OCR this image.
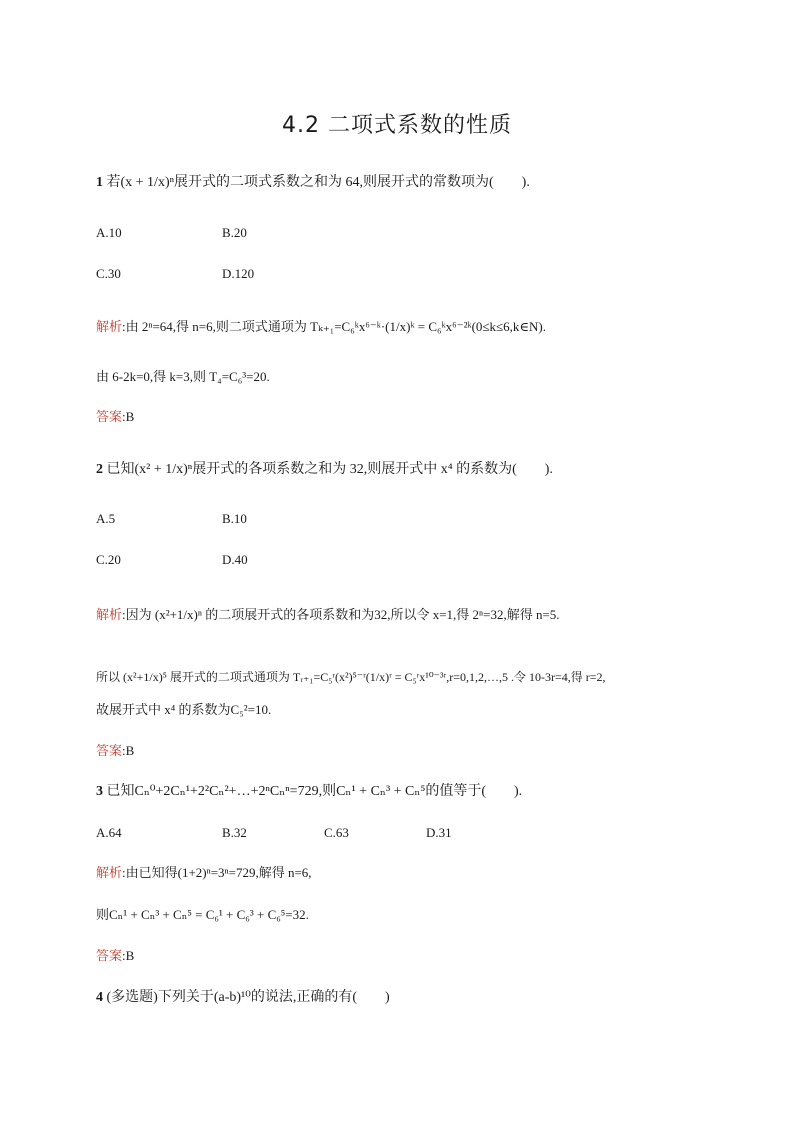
4.2 二项式系数的性质
1 若(x + 1/x)ⁿ展开式的二项式系数之和为 64,则展开式的常数项为(　　).
A.10	B.20
C.30	D.120
解析:由 2ⁿ=64,得 n=6,则二项式通项为 Tₖ₊₁=C₆ᵏx⁶⁻ᵏ·(1/x)ᵏ = C₆ᵏx⁶⁻²ᵏ(0≤k≤6,k∈N).
由 6-2k=0,得 k=3,则 T₄=C₆³=20.
答案:B
2 已知(x² + 1/x)ⁿ展开式的各项系数之和为 32,则展开式中 x⁴ 的系数为(　　).
A.5	B.10
C.20	D.40
解析:因为 (x²+1/x)ⁿ 的二项展开式的各项系数和为32,所以令 x=1,得 2ⁿ=32,解得 n=5.
所以 (x²+1/x)⁵ 展开式的二项式通项为 Tᵣ₊₁=C₅ʳ(x²)⁵⁻ʳ(1/x)ʳ = C₅ʳx¹⁰⁻³ʳ,r=0,1,2,…,5 .令 10-3r=4,得 r=2,
故展开式中 x⁴ 的系数为C₅²=10.
答案:B
3 已知Cₙ⁰+2Cₙ¹+2²Cₙ²+…+2ⁿCₙⁿ=729,则Cₙ¹ + Cₙ³ + Cₙ⁵的值等于(　　).
A.64	B.32	C.63	D.31
解析:由已知得(1+2)ⁿ=3ⁿ=729,解得 n=6,
则Cₙ¹ + Cₙ³ + Cₙ⁵ = C₆¹ + C₆³ + C₆⁵=32.
答案:B
4 (多选题)下列关于(a-b)¹⁰的说法,正确的有(　　)
